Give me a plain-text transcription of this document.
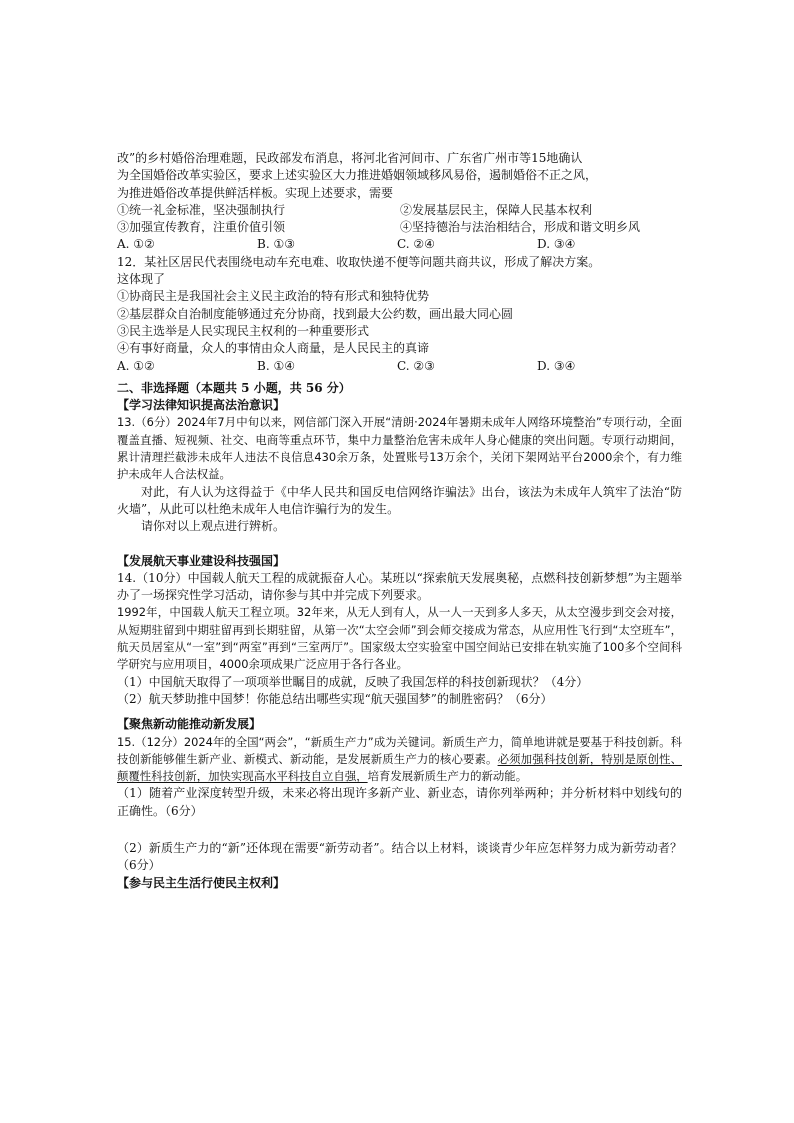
改”的乡村婚俗治理难题，民政部发布消息，将河北省河间市、广东省广州市等15地确认

为全国婚俗改革实验区，要求上述实验区大力推进婚姻领域移风易俗，遏制婚俗不正之风，

为推进婚俗改革提供鲜活样板。实现上述要求，需要

①统一礼金标准，坚决强制执行	②发展基层民主，保障人民基本权利
③加强宣传教育，注重价值引领	④坚持德治与法治相结合，形成和谐文明乡风
A. ①②	B. ①③	C. ②④	D. ③④

12．某社区居民代表围绕电动车充电难、收取快递不便等问题共商共议，形成了解决方案。

这体现了

①协商民主是我国社会主义民主政治的特有形式和独特优势

②基层群众自治制度能够通过充分协商，找到最大公约数，画出最大同心圆

③民主选举是人民实现民主权利的一种重要形式

④有事好商量，众人的事情由众人商量，是人民民主的真谛

A. ①②	B. ①④	C. ②③	D. ③④

二、非选择题（本题共 5 小题，共 56 分）

【学习法律知识提高法治意识】

13.（6分）2024年7月中旬以来，网信部门深入开展“清朗·2024年暑期未成年人网络环境整治”专项行动，全面覆盖直播、短视频、社交、电商等重点环节，集中力量整治危害未成年人身心健康的突出问题。专项行动期间，累计清理拦截涉未成年人违法不良信息430余万条，处置账号13万余个，关闭下架网站平台2000余个，有力维护未成年人合法权益。

对此，有人认为这得益于《中华人民共和国反电信网络诈骗法》出台，该法为未成年人筑牢了法治“防火墙”，从此可以杜绝未成年人电信诈骗行为的发生。

请你对以上观点进行辨析。

【发展航天事业建设科技强国】

14.（10分）中国载人航天工程的成就振奋人心。某班以“探索航天发展奥秘，点燃科技创新梦想”为主题举办了一场探究性学习活动，请你参与其中并完成下列要求。

1992年，中国载人航天工程立项。32年来，从无人到有人，从一人一天到多人多天，从太空漫步到交会对接，从短期驻留到中期驻留再到长期驻留，从第一次“太空会师”到会师交接成为常态，从应用性飞行到“太空班车”，航天员居室从“一室”到“两室”再到“三室两厅”。国家级太空实验室中国空间站已安排在轨实施了100多个空间科学研究与应用项目，4000余项成果广泛应用于各行各业。

（1）中国航天取得了一项项举世瞩目的成就，反映了我国怎样的科技创新现状？（4分）

（2）航天梦助推中国梦！你能总结出哪些实现“航天强国梦”的制胜密码？（6分）

【聚焦新动能推动新发展】

15.（12分）2024年的全国“两会”，“新质生产力”成为关键词。新质生产力，简单地讲就是要基于科技创新。科技创新能够催生新产业、新模式、新动能，是发展新质生产力的核心要素。必须加强科技创新，特别是原创性、颠覆性科技创新，加快实现高水平科技自立自强，培育发展新质生产力的新动能。

（1）随着产业深度转型升级，未来必将出现许多新产业、新业态，请你列举两种；并分析材料中划线句的正确性。（6分）

（2）新质生产力的“新”还体现在需要“新劳动者”。结合以上材料，谈谈青少年应怎样努力成为新劳动者？（6分）

【参与民主生活行使民主权利】
